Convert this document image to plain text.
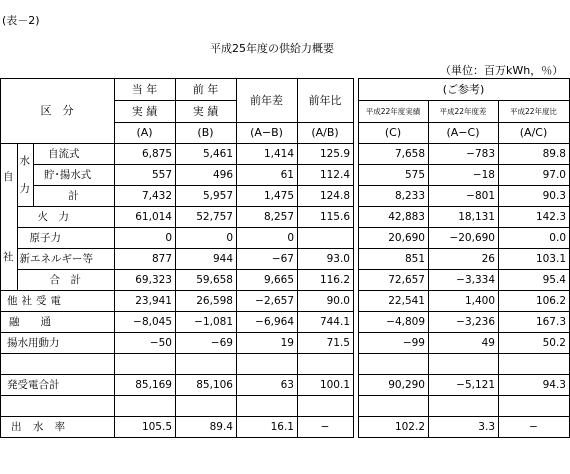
(表－2)
平成25年度の供給力概要
（単位：百万kWh，％）
区　分			当 年	前 年	前年差	前年比		(ご参考)		
			実 績	実 績				平成22年度実績	平成22年度差	平成22年度比
			(A)	(B)	(A−B)	(A/B)		(C)	(A−C)	(A/C)
自

社	水
力	自流式	6,875	5,461	1,414	125.9		7,658	−783	89.8
		貯･揚水式	557	496	61	112.4		575	−18	97.0
		計	7,432	5,957	1,475	124.8		8,233	−801	90.3
	火　力		61,014	52,757	8,257	115.6		42,883	18,131	142.3
	原子力		0	0	0			20,690	−20,690	0.0
	新エネルギー等		877	944	−67	93.0		851	26	103.1
	合　計		69,323	59,658	9,665	116.2		72,657	−3,334	95.4
他社受電			23,941	26,598	−2,657	90.0		22,541	1,400	106.2
融　　通			−8,045	−1,081	−6,964	744.1		−4,809	−3,236	167.3
揚水用動力			−50	−69	19	71.5		−99	49	50.2

発受電合計			85,169	85,106	63	100.1		90,290	−5,121	94.3

出 水 率			105.5	89.4	16.1	−		102.2	3.3	−
